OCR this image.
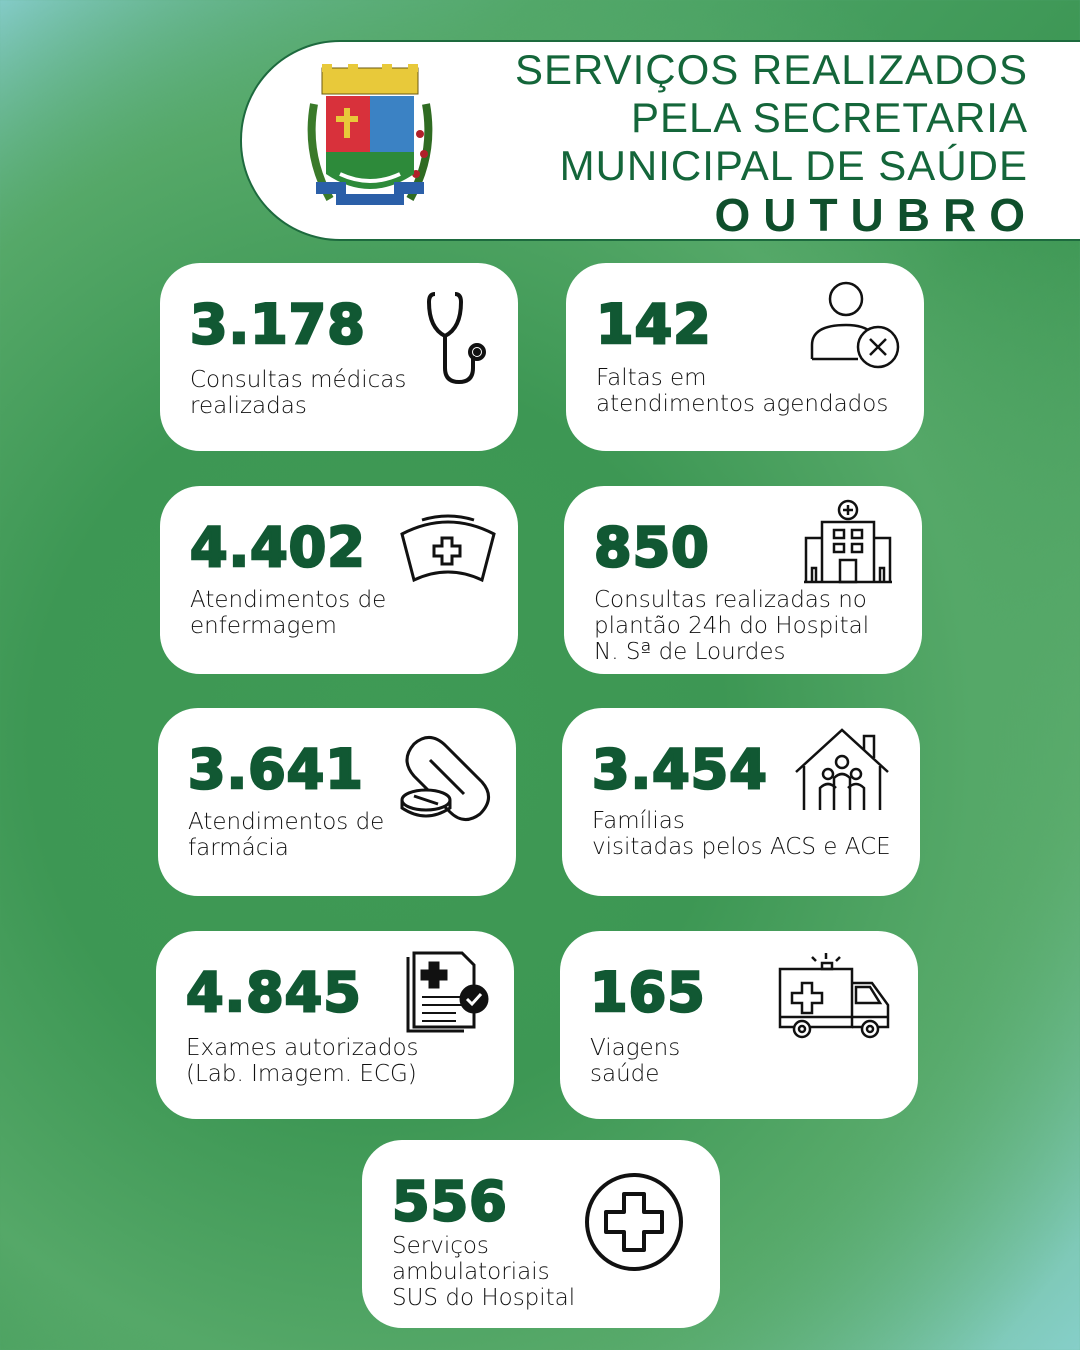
SERVIÇOS REALIZADOS
PELA SECRETARIA
MUNICIPAL DE SAÚDE
OUTUBRO
3.178
Consultas médicas
realizadas
142
Faltas em
atendimentos agendados
4.402
Atendimentos de
enfermagem
850
Consultas realizadas no
plantão 24h do Hospital
N. Sª de Lourdes
3.641
Atendimentos de
farmácia
3.454
Famílias
visitadas pelos ACS e ACE
4.845
Exames autorizados
(Lab. Imagem. ECG)
165
Viagens
saúde
556
Serviços
ambulatoriais
SUS do Hospital
